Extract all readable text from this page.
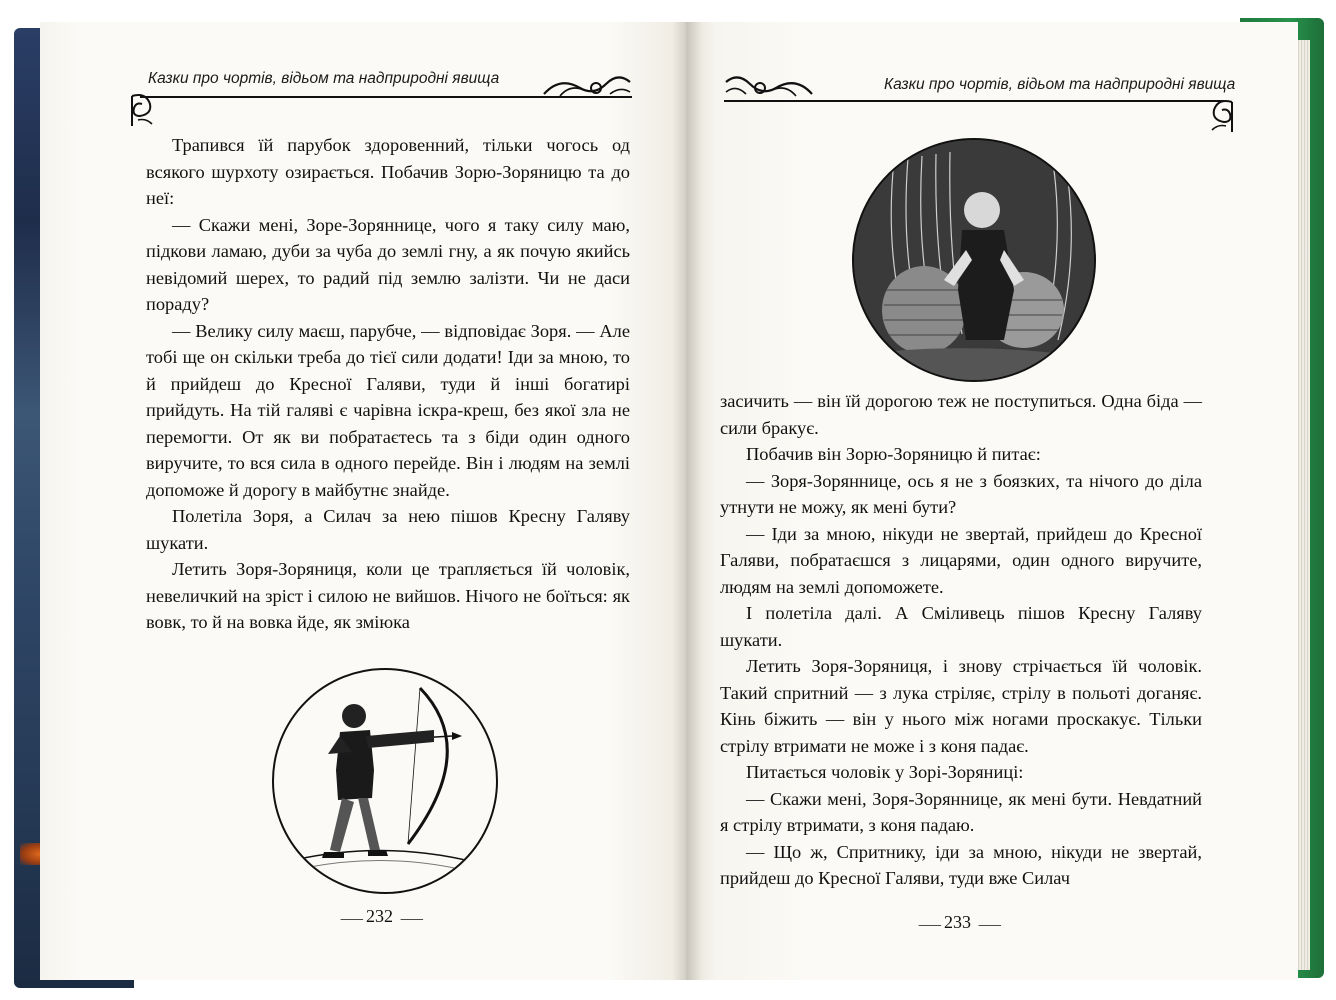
Казки про чортів, відьом та надприродні явища

Трапився їй парубок здоровенний, тільки чогось од всякого шурхоту озирається. Побачив Зорю-Зоряницю та до неї:

— Скажи мені, Зоре-Зоряннице, чого я таку силу маю, підкови ламаю, дуби за чуба до землі гну, а як почую якийсь невідомий шерех, то радий під землю залізти. Чи не даси пораду?

— Велику силу маєш, парубче, — відповідає Зоря. — Але тобі ще он скільки треба до тієї сили додати! Іди за мною, то й прийдеш до Кресної Галяви, туди й інші богатирі прийдуть. На тій галяві є чарівна іскра-креш, без якої зла не перемогти. От як ви побратаєтесь та з біди один одного виручите, то вся сила в одного перейде. Він і людям на землі допоможе й дорогу в майбутнє знайде.

Полетіла Зоря, а Силач за нею пішов Кресну Галяву шукати.

Летить Зоря-Зоряниця, коли це трапляється їй чоловік, невеличкий на зріст і силою не вийшов. Нічого не боїться: як вовк, то й на вовка йде, як змiюка

⸺ 232 ⸺
Казки про чортів, відьом та надприродні явища

засичить — він їй дорогою теж не поступиться. Одна біда — сили бракує.

Побачив він Зорю-Зоряницю й питає:

— Зоря-Зоряннице, ось я не з боязких, та нічого до діла утнути не можу, як мені бути?

— Іди за мною, нікуди не звертай, прийдеш до Кресної Галяви, побратаєшся з лицарями, один одного виручите, людям на землі допоможете.

І полетіла далі. А Сміливець пішов Кресну Галяву шукати.

Летить Зоря-Зоряниця, і знову стрічається їй чоловік. Такий спритний — з лука стріляє, стрілу в польоті доганяє. Кінь біжить — він у нього між ногами проскакує. Тільки стрілу втримати не може і з коня падає.

Питається чоловік у Зорі-Зоряниці:

— Скажи мені, Зоря-Зоряннице, як мені бути. Невдатний я стрілу втримати, з коня падаю.

— Що ж, Спритнику, іди за мною, нікуди не звертай, прийдеш до Кресної Галяви, туди вже Силач

⸺ 233 ⸺
